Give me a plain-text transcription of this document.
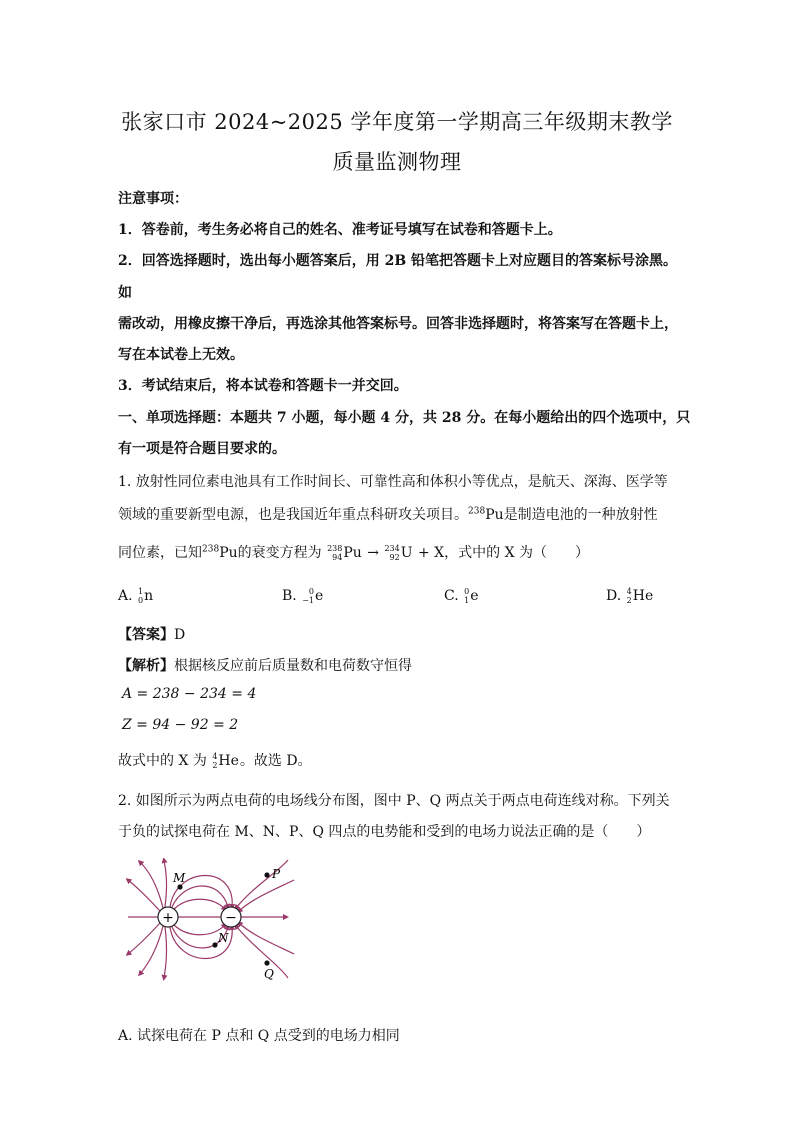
张家口市 2024~2025 学年度第一学期高三年级期末教学
质量监测物理
注意事项：
1．答卷前，考生务必将自己的姓名、准考证号填写在试卷和答题卡上。
2．回答选择题时，选出每小题答案后，用 2B 铅笔把答题卡上对应题目的答案标号涂黑。
如
需改动，用橡皮擦干净后，再选涂其他答案标号。回答非选择题时，将答案写在答题卡上，
写在本试卷上无效。
3．考试结束后，将本试卷和答题卡一并交回。
一、单项选择题：本题共 7 小题，每小题 4 分，共 28 分。在每小题给出的四个选项中，只
有一项是符合题目要求的。
1. 放射性同位素电池具有工作时间长、可靠性高和体积小等优点，是航天、深海、医学等
领域的重要新型电源，也是我国近年重点科研攻关项目。$^{238}$Pu是制造电池的一种放射性
同位素，已知$^{238}$Pu的衰变方程为 238
94 Pu → 234
92 U + X，式中的 X 为（　　）
A. 1
0 n	B. 0
−1 e	C. 0
1 e	D. 4
2 He
【答案】D
【解析】根据核反应前后质量数和电荷数守恒得
A = 238 − 234 = 4
Z = 94 − 92 = 2
故式中的 X 为 4
2 He。故选 D。
2. 如图所示为两点电荷的电场线分布图，图中 P、Q 两点关于两点电荷连线对称。下列关
于负的试探电荷在 M、N、P、Q 四点的电势能和受到的电场力说法正确的是（　　）
+	−
M	P
N
Q
A. 试探电荷在 P 点和 Q 点受到的电场力相同
